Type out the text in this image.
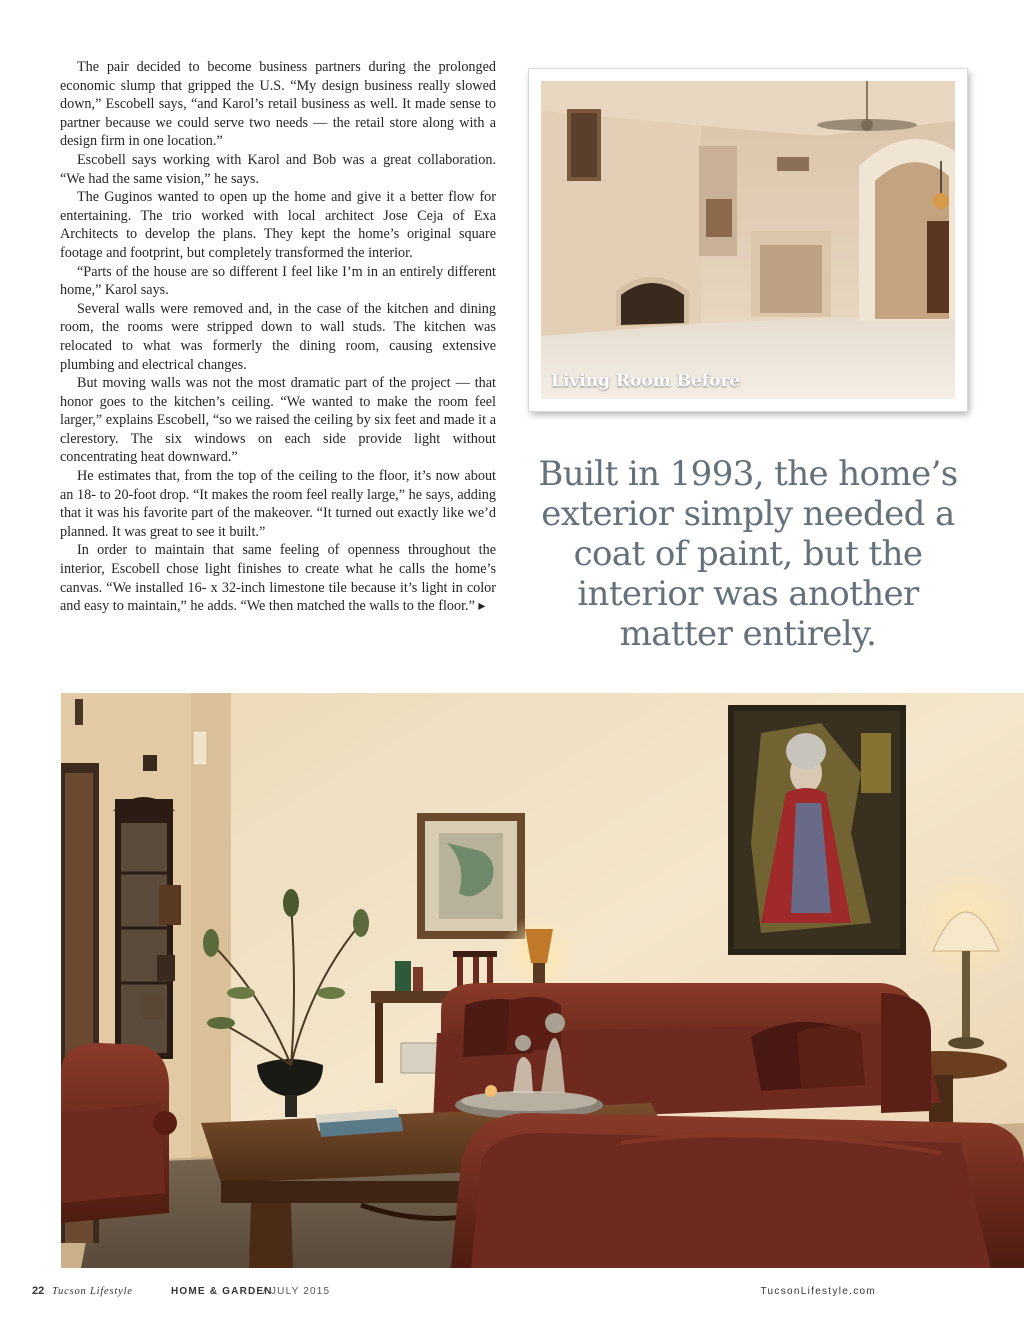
The pair decided to become business partners during the prolonged economic slump that gripped the U.S. “My design business really slowed down,” Escobell says, “and Karol’s retail business as well. It made sense to partner because we could serve two needs — the retail store along with a design firm in one location.”

Escobell says working with Karol and Bob was a great collaboration. “We had the same vision,” he says.

The Guginos wanted to open up the home and give it a better flow for entertaining. The trio worked with local architect Jose Ceja of Exa Architects to develop the plans. They kept the home’s original square footage and footprint, but completely transformed the interior.

“Parts of the house are so different I feel like I’m in an entirely different home,” Karol says.

Several walls were removed and, in the case of the kitchen and dining room, the rooms were stripped down to wall studs. The kitchen was relocated to what was formerly the dining room, causing extensive plumbing and electrical changes.

But moving walls was not the most dramatic part of the project — that honor goes to the kitchen’s ceiling. “We wanted to make the room feel larger,” explains Escobell, “so we raised the ceiling by six feet and made it a clerestory. The six windows on each side provide light without concentrating heat downward.”

He estimates that, from the top of the ceiling to the floor, it’s now about an 18- to 20-foot drop. “It makes the room feel really large,” he says, adding that it was his favorite part of the makeover. “It turned out exactly like we’d planned. It was great to see it built.”

In order to maintain that same feeling of openness throughout the interior, Escobell chose light finishes to create what he calls the home’s canvas. “We installed 16- x 32-inch limestone tile because it’s light in color and easy to maintain,” he adds. “We then matched the walls to the floor.” ▸

Living Room Before
Built in 1993, the home’s exterior simply needed a coat of paint, but the interior was another matter entirely.
22 Tucson Lifestyle	HOME & GARDEN
/ JULY 2015	TucsonLifestyle.com
